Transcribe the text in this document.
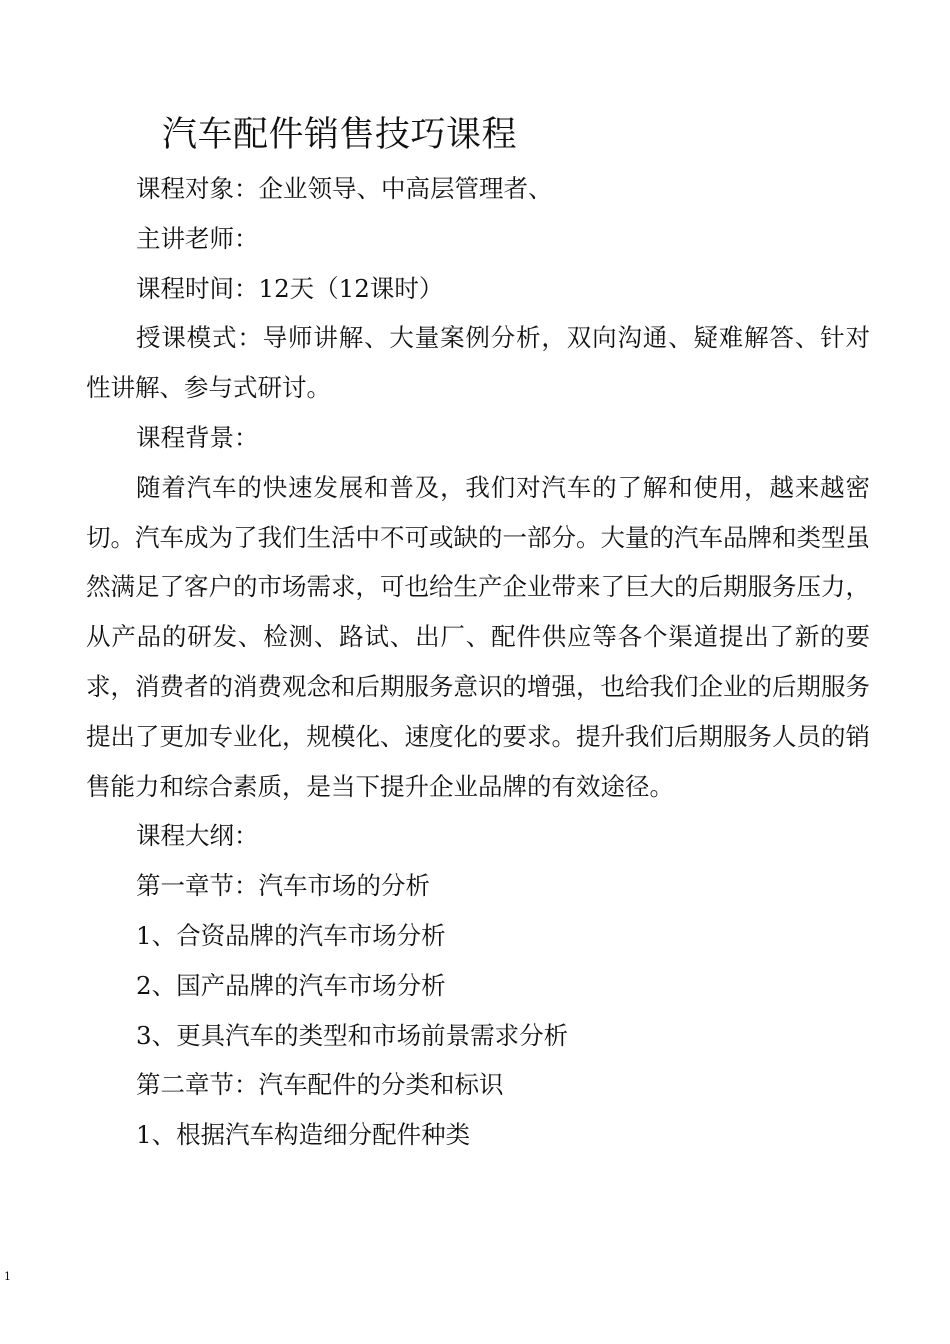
汽车配件销售技巧课程

课程对象：企业领导、中高层管理者、

主讲老师：

课程时间：12天（12课时）

授课模式：导师讲解、大量案例分析，双向沟通、疑难解答、针对性讲解、参与式研讨。

课程背景：

随着汽车的快速发展和普及，我们对汽车的了解和使用，越来越密切。汽车成为了我们生活中不可或缺的一部分。大量的汽车品牌和类型虽然满足了客户的市场需求，可也给生产企业带来了巨大的后期服务压力，从产品的研发、检测、路试、出厂、配件供应等各个渠道提出了新的要求，消费者的消费观念和后期服务意识的增强，也给我们企业的后期服务提出了更加专业化，规模化、速度化的要求。提升我们后期服务人员的销售能力和综合素质，是当下提升企业品牌的有效途径。

课程大纲：

第一章节：汽车市场的分析

1、合资品牌的汽车市场分析

2、国产品牌的汽车市场分析

3、更具汽车的类型和市场前景需求分析

第二章节：汽车配件的分类和标识

1、根据汽车构造细分配件种类

1
